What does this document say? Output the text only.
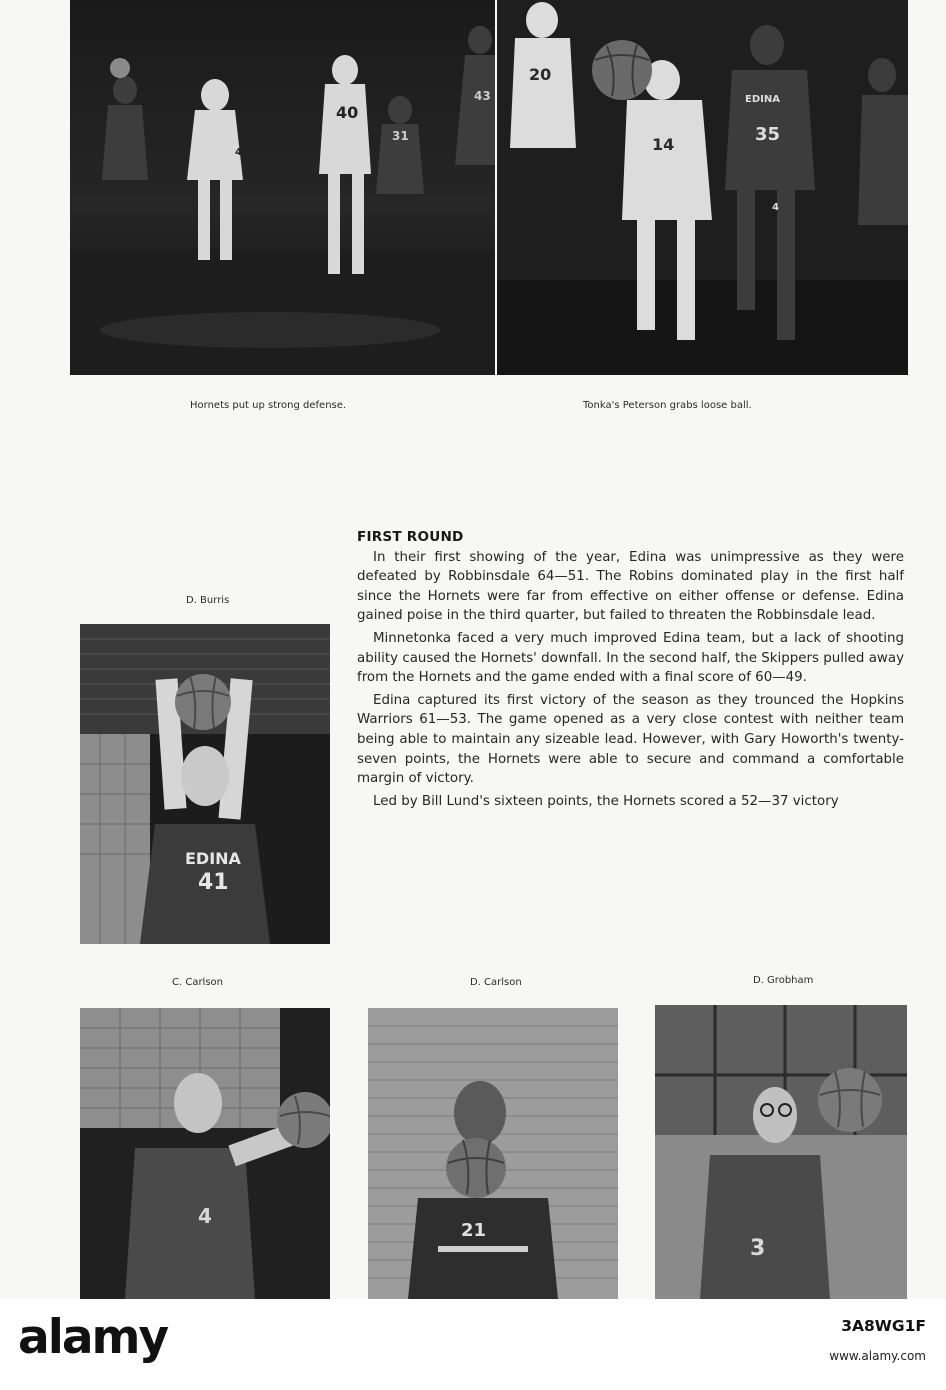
40
41
31
43
20
14
EDINA
35
4
Hornets put up strong defense.	Tonka's Peterson grabs loose ball.
D. Burris
EDINA
41
FIRST ROUND

In their first showing of the year, Edina was unimpressive as they were defeated by Robbinsdale 64—51. The Robins dominated play in the first half since the Hornets were far from effective on either offense or defense. Edina gained poise in the third quarter, but failed to threaten the Robbinsdale lead.

Minnetonka faced a very much improved Edina team, but a lack of shooting ability caused the Hornets' downfall. In the second half, the Skippers pulled away from the Hornets and the game ended with a final score of 60—49.

Edina captured its first victory of the season as they trounced the Hopkins Warriors 61—53. The game opened as a very close contest with neither team being able to maintain any sizeable lead. However, with Gary Howorth's twenty-seven points, the Hornets were able to secure and command a comfortable margin of victory.

Led by Bill Lund's sixteen points, the Hornets scored a 52—37 victory

C. Carlson	D. Carlson	D. Grobham
4
21
3
alamy	3A8WG1F
www.alamy.com
